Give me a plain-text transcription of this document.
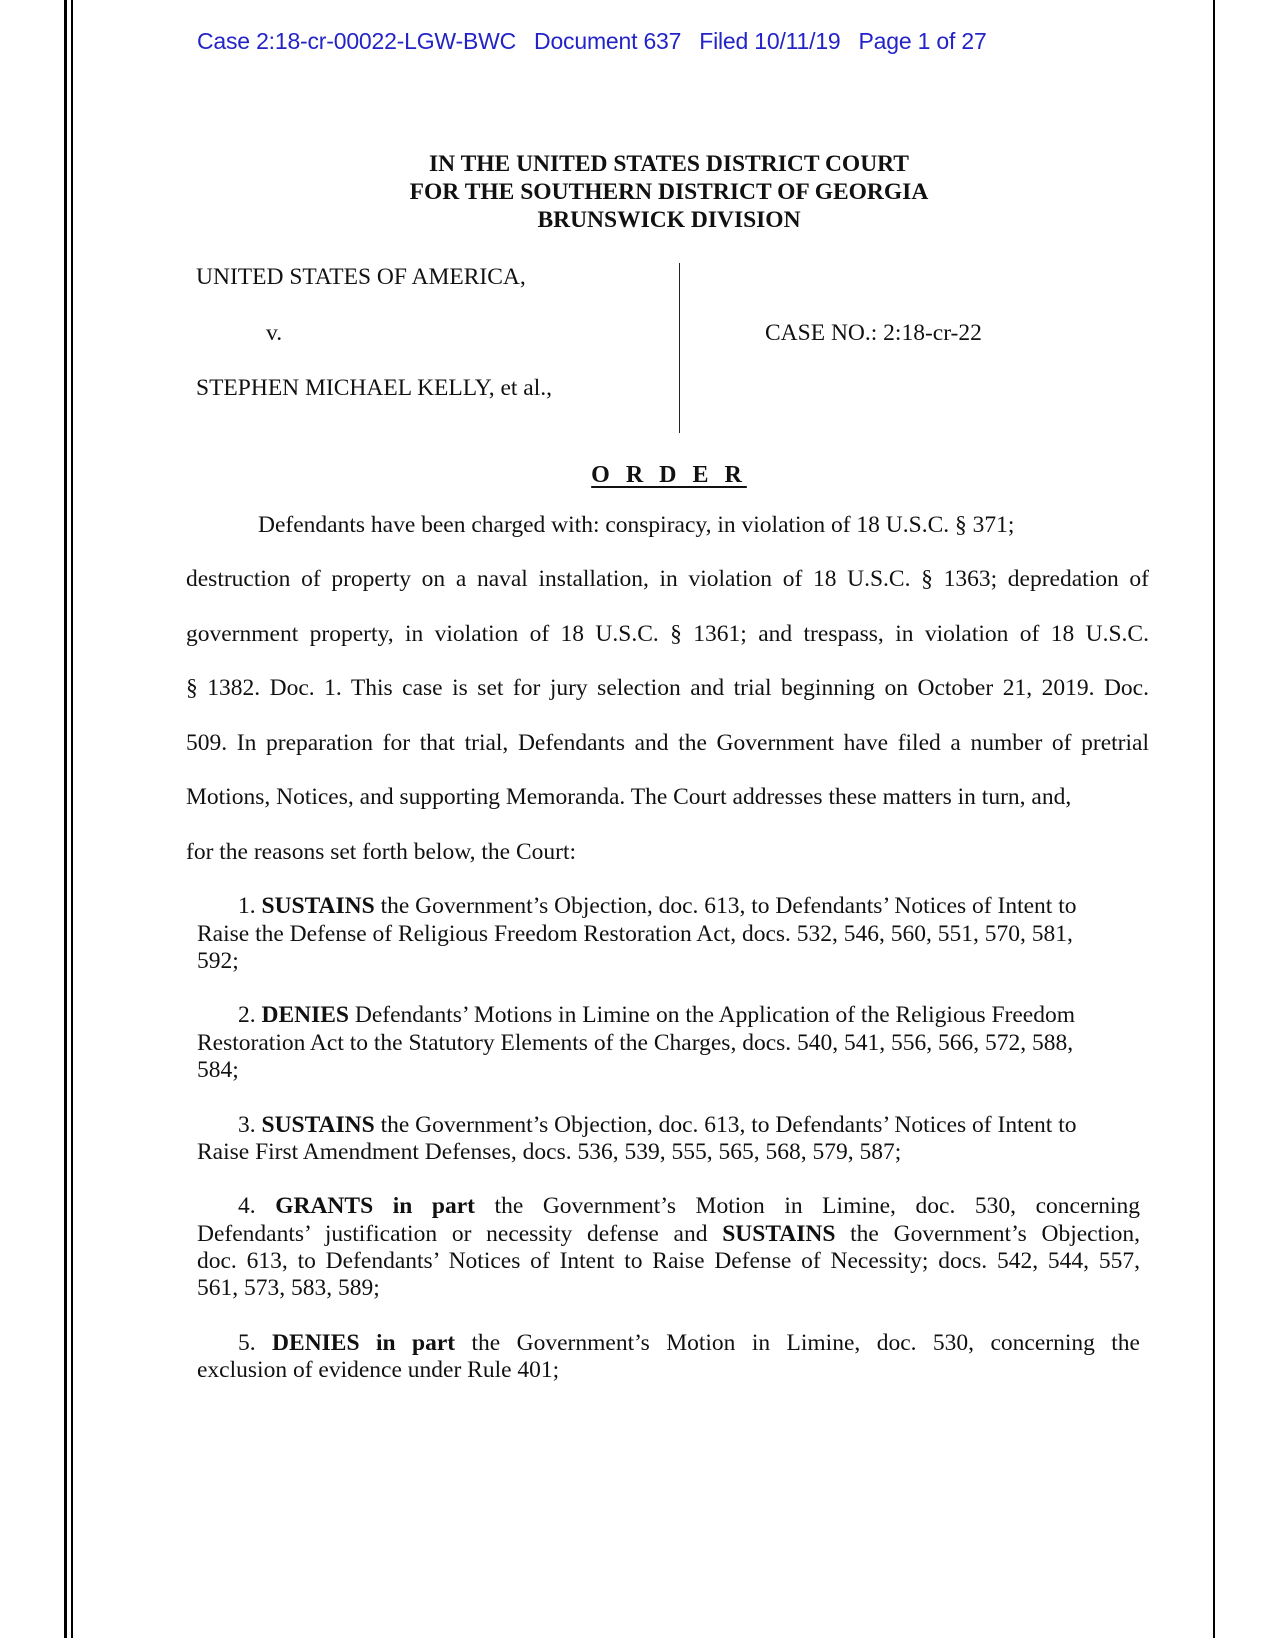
Case 2:18-cr-00022-LGW-BWC Document 637 Filed 10/11/19 Page 1 of 27
IN THE UNITED STATES DISTRICT COURT
FOR THE SOUTHERN DISTRICT OF GEORGIA
BRUNSWICK DIVISION
UNITED STATES OF AMERICA,
v.
STEPHEN MICHAEL KELLY, et al.,
CASE NO.: 2:18-cr-22
O R D E R
Defendants have been charged with: conspiracy, in violation of 18 U.S.C. § 371;
destruction of property on a naval installation, in violation of 18 U.S.C. § 1363; depredation of
government property, in violation of 18 U.S.C. § 1361; and trespass, in violation of 18 U.S.C.
§ 1382. Doc. 1. This case is set for jury selection and trial beginning on October 21, 2019. Doc.
509. In preparation for that trial, Defendants and the Government have filed a number of pretrial
Motions, Notices, and supporting Memoranda. The Court addresses these matters in turn, and,
for the reasons set forth below, the Court:
1. SUSTAINS the Government’s Objection, doc. 613, to Defendants’ Notices of Intent to
Raise the Defense of Religious Freedom Restoration Act, docs. 532, 546, 560, 551, 570, 581,
592;
2. DENIES Defendants’ Motions in Limine on the Application of the Religious Freedom
Restoration Act to the Statutory Elements of the Charges, docs. 540, 541, 556, 566, 572, 588,
584;
3. SUSTAINS the Government’s Objection, doc. 613, to Defendants’ Notices of Intent to
Raise First Amendment Defenses, docs. 536, 539, 555, 565, 568, 579, 587;
4. GRANTS in part the Government’s Motion in Limine, doc. 530, concerning
Defendants’ justification or necessity defense and SUSTAINS the Government’s Objection,
doc. 613, to Defendants’ Notices of Intent to Raise Defense of Necessity; docs. 542, 544, 557,
561, 573, 583, 589;
5. DENIES in part the Government’s Motion in Limine, doc. 530, concerning the
exclusion of evidence under Rule 401;
